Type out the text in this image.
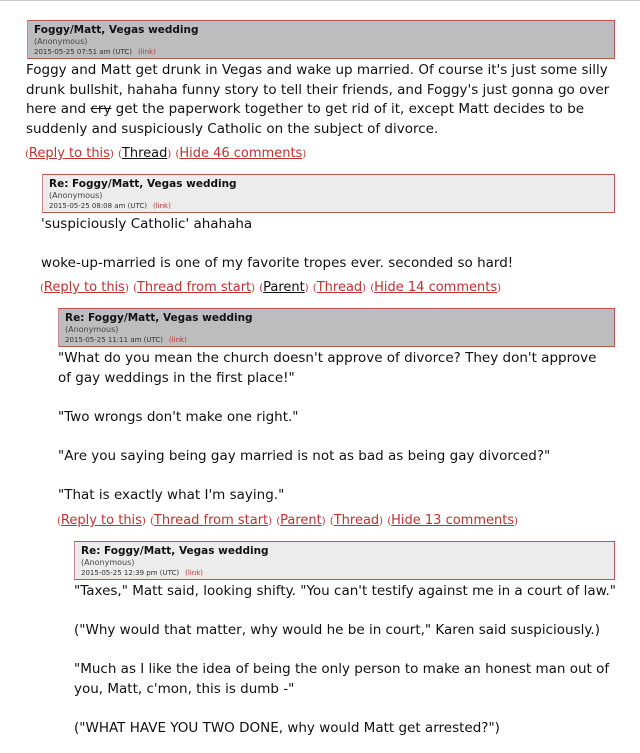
Foggy/Matt, Vegas wedding
(Anonymous)
2015-05-25 07:51 am (UTC) (link)
Foggy and Matt get drunk in Vegas and wake up married. Of course it's just some silly drunk bullshit, hahaha funny story to tell their friends, and Foggy's just gonna go over here and cry get the paperwork together to get rid of it, except Matt decides to be suddenly and suspiciously Catholic on the subject of divorce.
(Reply to this) (Thread) (Hide 46 comments)
Re: Foggy/Matt, Vegas wedding
(Anonymous)
2015-05-25 08:08 am (UTC) (link)

'suspiciously Catholic' ahahaha

woke-up-married is one of my favorite tropes ever. seconded so hard!

(Reply to this) (Thread from start) (Parent) (Thread) (Hide 14 comments)
Re: Foggy/Matt, Vegas wedding
(Anonymous)
2015-05-25 11:11 am (UTC) (link)

"What do you mean the church doesn't approve of divorce? They don't approve of gay weddings in the first place!"

"Two wrongs don't make one right."

"Are you saying being gay married is not as bad as being gay divorced?"

"That is exactly what I'm saying."

(Reply to this) (Thread from start) (Parent) (Thread) (Hide 13 comments)
Re: Foggy/Matt, Vegas wedding
(Anonymous)
2015-05-25 12:39 pm (UTC) (link)

"Taxes," Matt said, looking shifty. "You can't testify against me in a court of law."

("Why would that matter, why would he be in court," Karen said suspiciously.)

"Much as I like the idea of being the only person to make an honest man out of you, Matt, c'mon, this is dumb -"

("WHAT HAVE YOU TWO DONE, why would Matt get arrested?")
